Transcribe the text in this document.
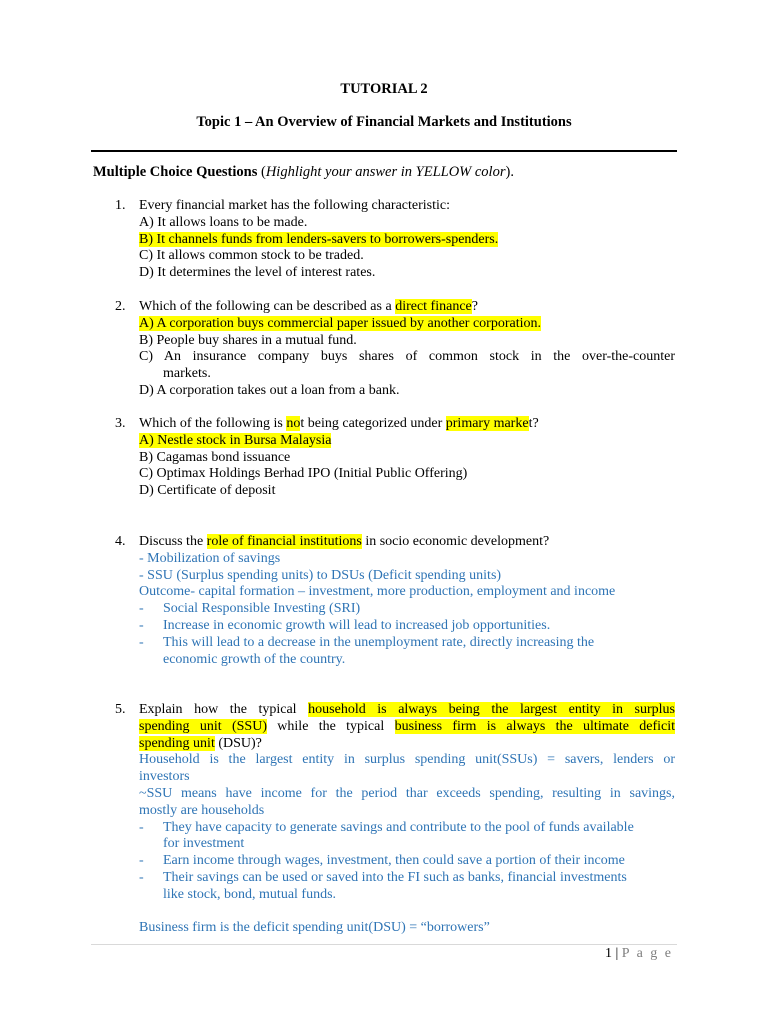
TUTORIAL 2
Topic 1 – An Overview of Financial Markets and Institutions
Multiple Choice Questions (Highlight your answer in YELLOW color).
1. Every financial market has the following characteristic:
A) It allows loans to be made.
B) It channels funds from lenders-savers to borrowers-spenders.
C) It allows common stock to be traded.
D) It determines the level of interest rates.
2. Which of the following can be described as a direct finance?
A) A corporation buys commercial paper issued by another corporation.
B) People buy shares in a mutual fund.
C) An insurance company buys shares of common stock in the over-the-counter
markets.
D) A corporation takes out a loan from a bank.
3. Which of the following is not being categorized under primary market?
A) Nestle stock in Bursa Malaysia
B) Cagamas bond issuance
C) Optimax Holdings Berhad IPO (Initial Public Offering)
D) Certificate of deposit
4. Discuss the role of financial institutions in socio economic development?
- Mobilization of savings
- SSU (Surplus spending units) to DSUs (Deficit spending units)
Outcome- capital formation – investment, more production, employment and income
- Social Responsible Investing (SRI)
- Increase in economic growth will lead to increased job opportunities.
- This will lead to a decrease in the unemployment rate, directly increasing the
economic growth of the country.
5. Explain how the typical household is always being the largest entity in surplus
spending unit (SSU) while the typical business firm is always the ultimate deficit
spending unit (DSU)?
Household is the largest entity in surplus spending unit(SSUs) = savers, lenders or
investors
~SSU means have income for the period thar exceeds spending, resulting in savings,
mostly are households
- They have capacity to generate savings and contribute to the pool of funds available
for investment
- Earn income through wages, investment, then could save a portion of their income
- Their savings can be used or saved into the FI such as banks, financial investments
like stock, bond, mutual funds.
Business firm is the deficit spending unit(DSU) = “borrowers”
1 | P a g e
